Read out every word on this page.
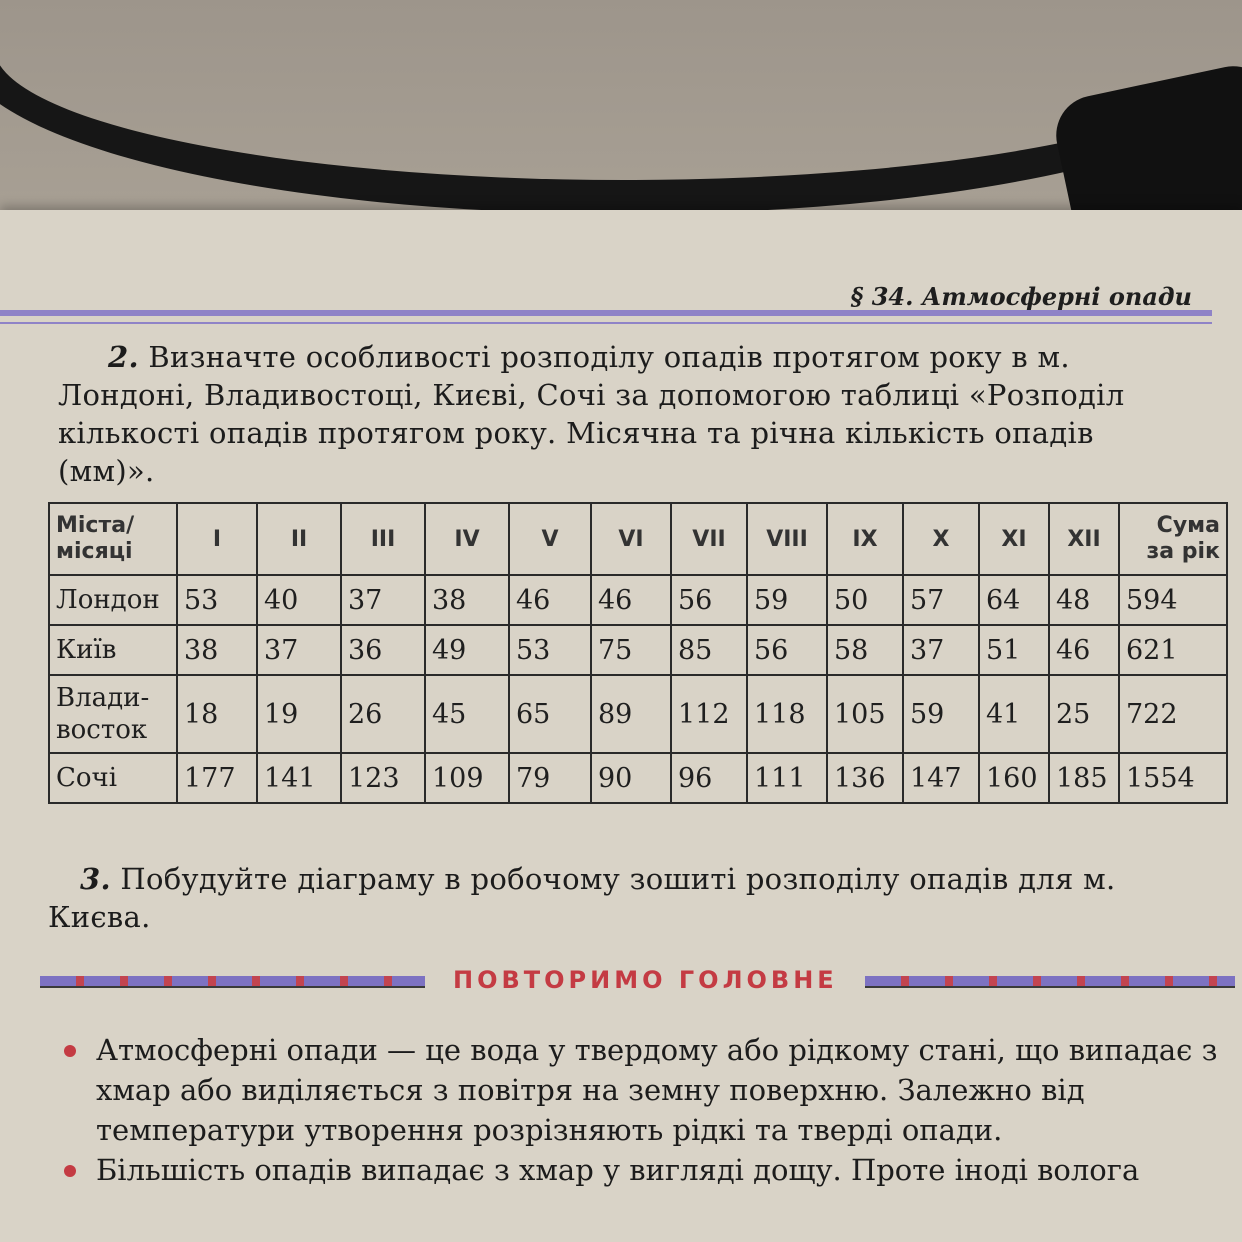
§ 34. Атмосферні опади
2. Визначте особливості розподілу опадів протягом року в м. Лондоні, Владивостоці, Києві, Сочі за допомогою таблиці «Розподіл кількості опадів протягом року. Місячна та річна кількість опадів (мм)».
Міста/ місяці	I	II	III	IV	V	VI	VII	VIII	IX	X	XI	XII	Сума за рік
Лондон	53	40	37	38	46	46	56	59	50	57	64	48	594
Київ	38	37	36	49	53	75	85	56	58	37	51	46	621
Влади-восток	18	19	26	45	65	89	112	118	105	59	41	25	722
Сочі	177	141	123	109	79	90	96	111	136	147	160	185	1554
3. Побудуйте діаграму в робочому зошиті розподілу опадів для м. Києва.
ПОВТОРИМО ГОЛОВНЕ
Атмосферні опади — це вода у твердому або рідкому стані, що випадає з хмар або виділяється з повітря на земну поверхню. Залежно від температури утворення розрізняють рідкі та тверді опади.
Більшість опадів випадає з хмар у вигляді дощу. Проте іноді волога
